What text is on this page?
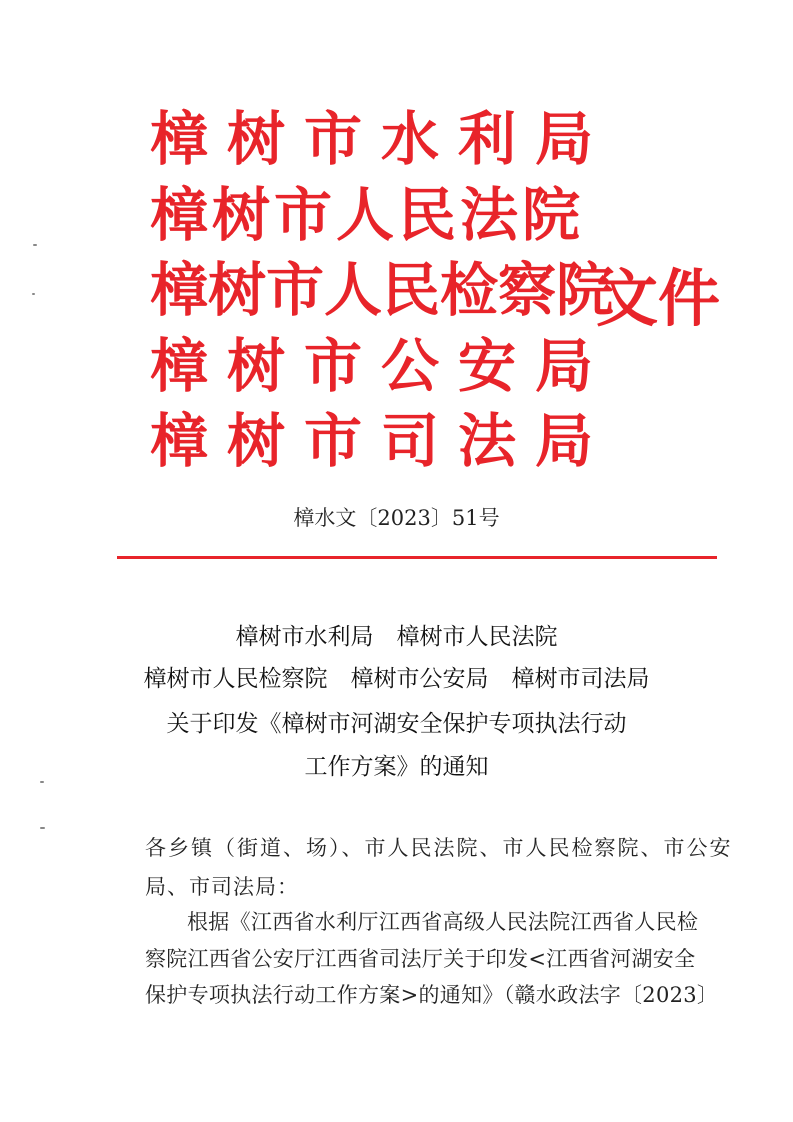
樟树市水利局
樟树市人民法院
樟树市人民检察院
樟树市公安局
樟树市司法局
文件
樟水文〔2023〕51号
樟树市水利局　樟树市人民法院
樟树市人民检察院　樟树市公安局　樟树市司法局
关于印发《樟树市河湖安全保护专项执法行动
工作方案》的通知
各乡镇（街道、场）、市人民法院、市人民检察院、市公安
局、市司法局：
根据《江西省水利厅江西省高级人民法院江西省人民检
察院江西省公安厅江西省司法厅关于印发<江西省河湖安全
保护专项执法行动工作方案>的通知》（赣水政法字〔2023〕
